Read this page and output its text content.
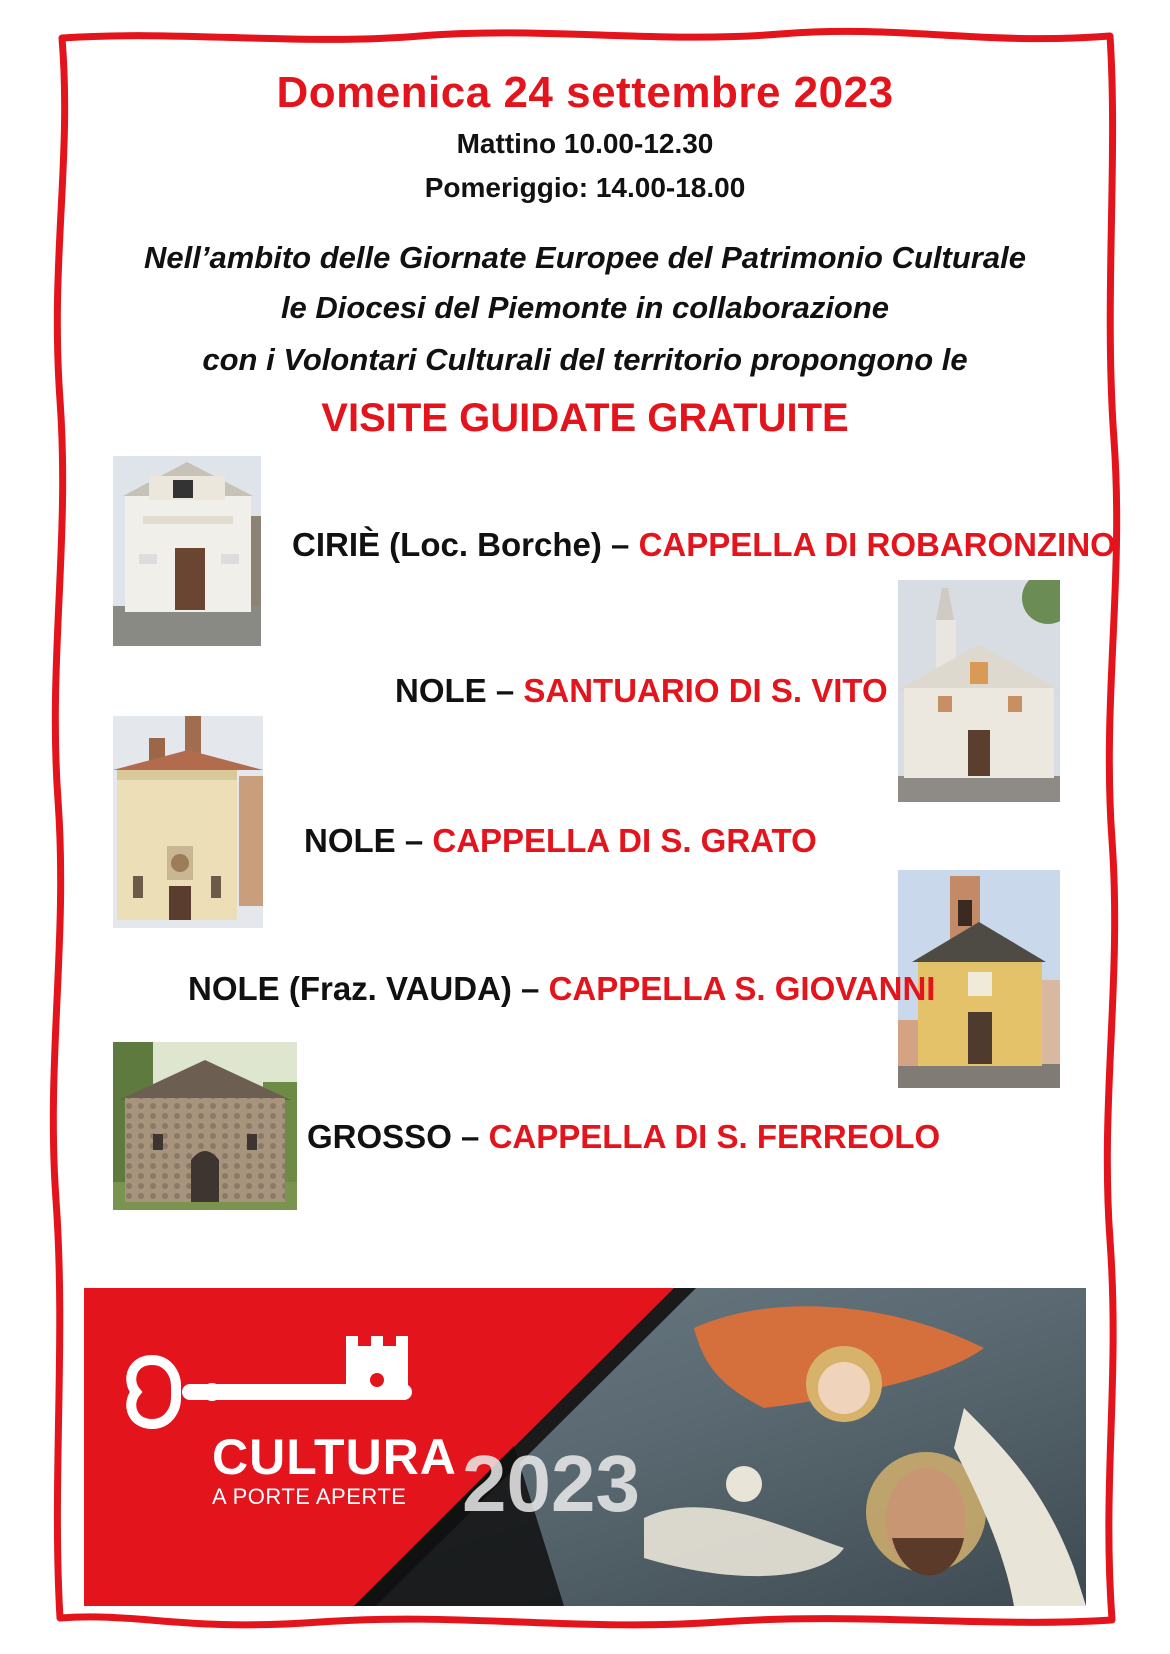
Domenica 24 settembre 2023
Mattino 10.00-12.30
Pomeriggio: 14.00-18.00
Nell’ambito delle Giornate Europee del Patrimonio Culturale
le Diocesi del Piemonte in collaborazione
con i Volontari Culturali del territorio propongono le
VISITE GUIDATE GRATUITE
CIRIÈ (Loc. Borche) – CAPPELLA DI ROBARONZINO
NOLE – SANTUARIO DI S. VITO
NOLE – CAPPELLA DI S. GRATO
NOLE (Fraz. VAUDA) – CAPPELLA S. GIOVANNI
GROSSO – CAPPELLA DI S. FERREOLO
CULTURA
A PORTE APERTE 2023
